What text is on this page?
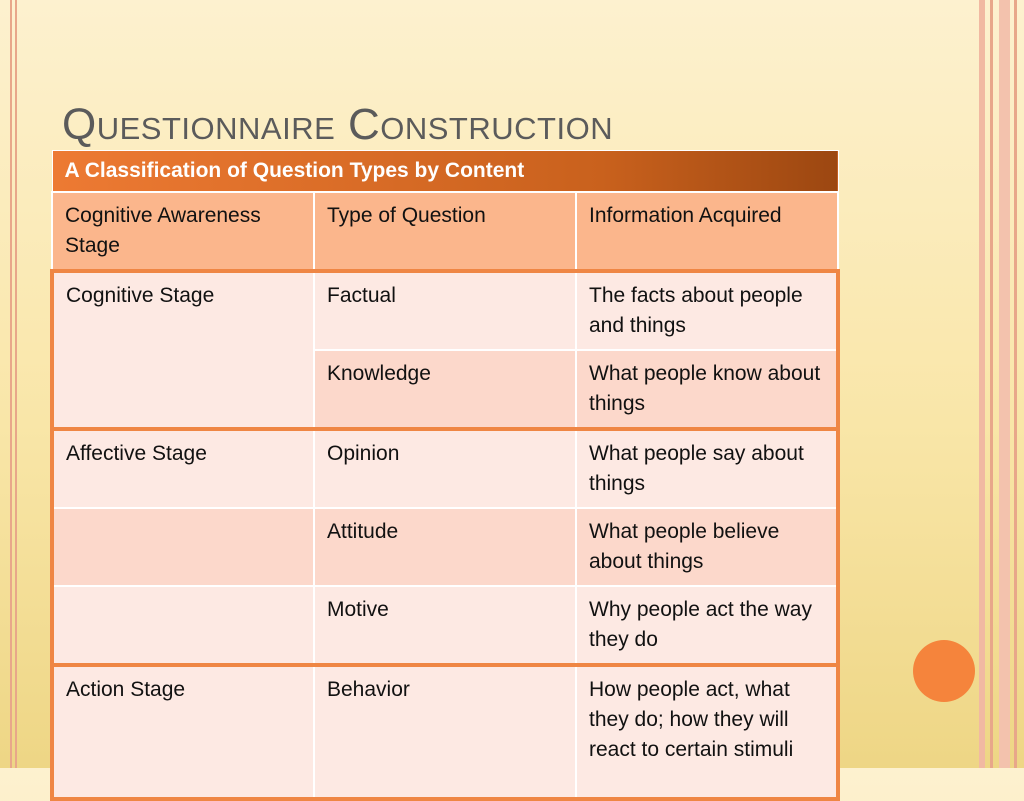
Questionnaire Construction
A Classification of Question Types by Content		
Cognitive Awareness Stage	Type of Question	Information Acquired
Cognitive Stage	Factual	The facts about people and things
	Knowledge	What people know about things
Affective Stage	Opinion	What people say about things
	Attitude	What people believe about things
	Motive	Why people act the way they do
Action Stage	Behavior	How people act, what they do; how they will react to certain stimuli
